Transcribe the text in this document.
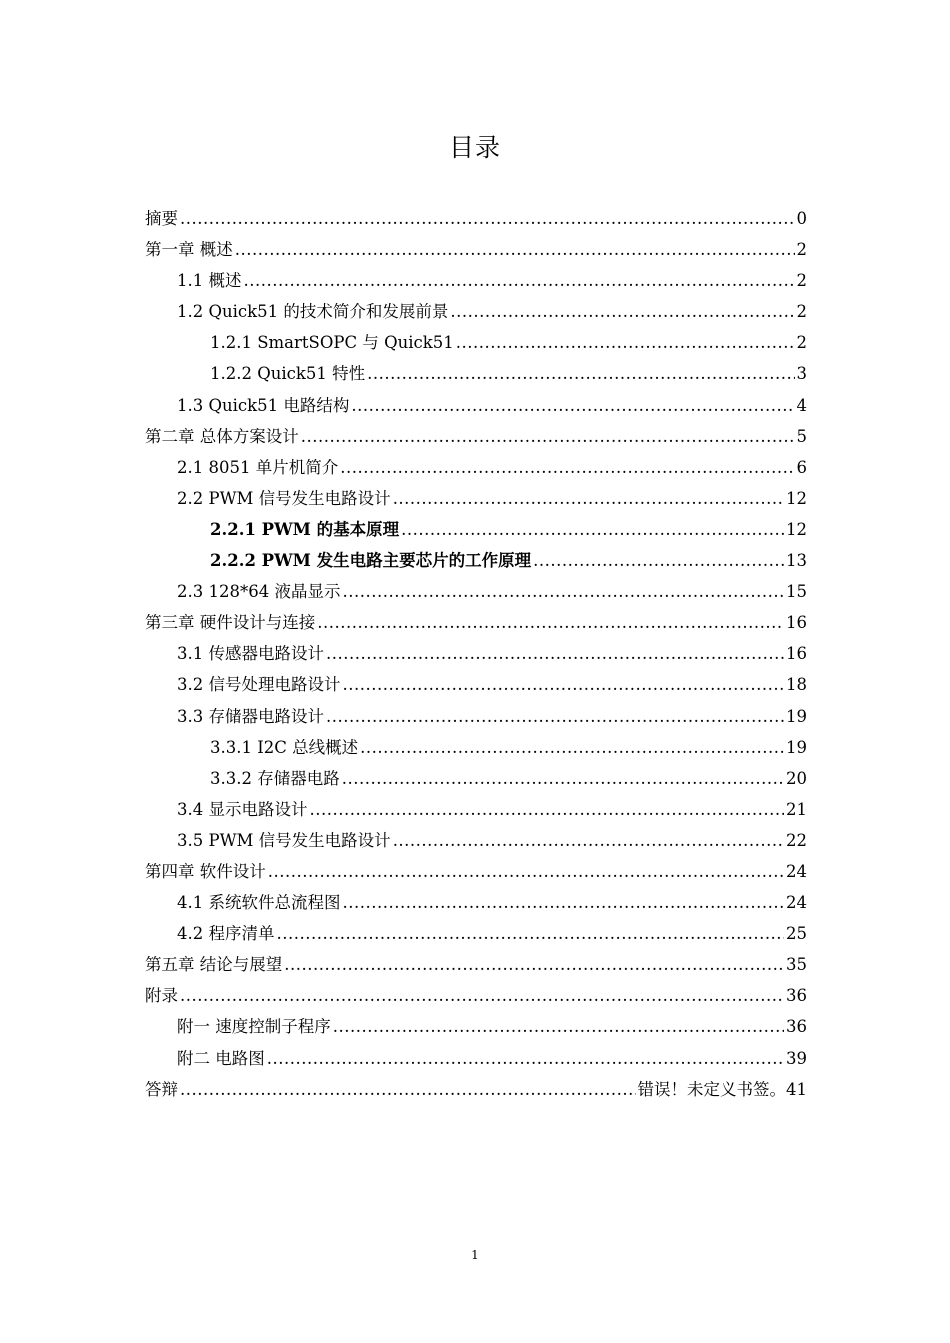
目录
摘要 .....	0
第一章 概述 .....	2
1.1 概述 .....	2
1.2 Quick51 的技术简介和发展前景 .....	2
1.2.1 SmartSOPC 与 Quick51 .....	2
1.2.2 Quick51 特性 .....	3
1.3 Quick51 电路结构 .....	4
第二章 总体方案设计 .....	5
2.1 8051 单片机简介 .....	6
2.2 PWM 信号发生电路设计 .....	12
2.2.1 PWM 的基本原理 .....	12
2.2.2 PWM 发生电路主要芯片的工作原理 .....	13
2.3 128*64 液晶显示 .....	15
第三章 硬件设计与连接 .....	16
3.1 传感器电路设计 .....	16
3.2 信号处理电路设计 .....	18
3.3 存储器电路设计 .....	19
3.3.1 I2C 总线概述 .....	19
3.3.2 存储器电路 .....	20
3.4 显示电路设计 .....	21
3.5 PWM 信号发生电路设计 .....	22
第四章 软件设计 .....	24
4.1 系统软件总流程图 .....	24
4.2 程序清单 .....	25
第五章 结论与展望 .....	35
附录 .....	36
附一 速度控制子程序 .....	36
附二 电路图 .....	39
答辩 .....	错误！未定义书签。41
1
